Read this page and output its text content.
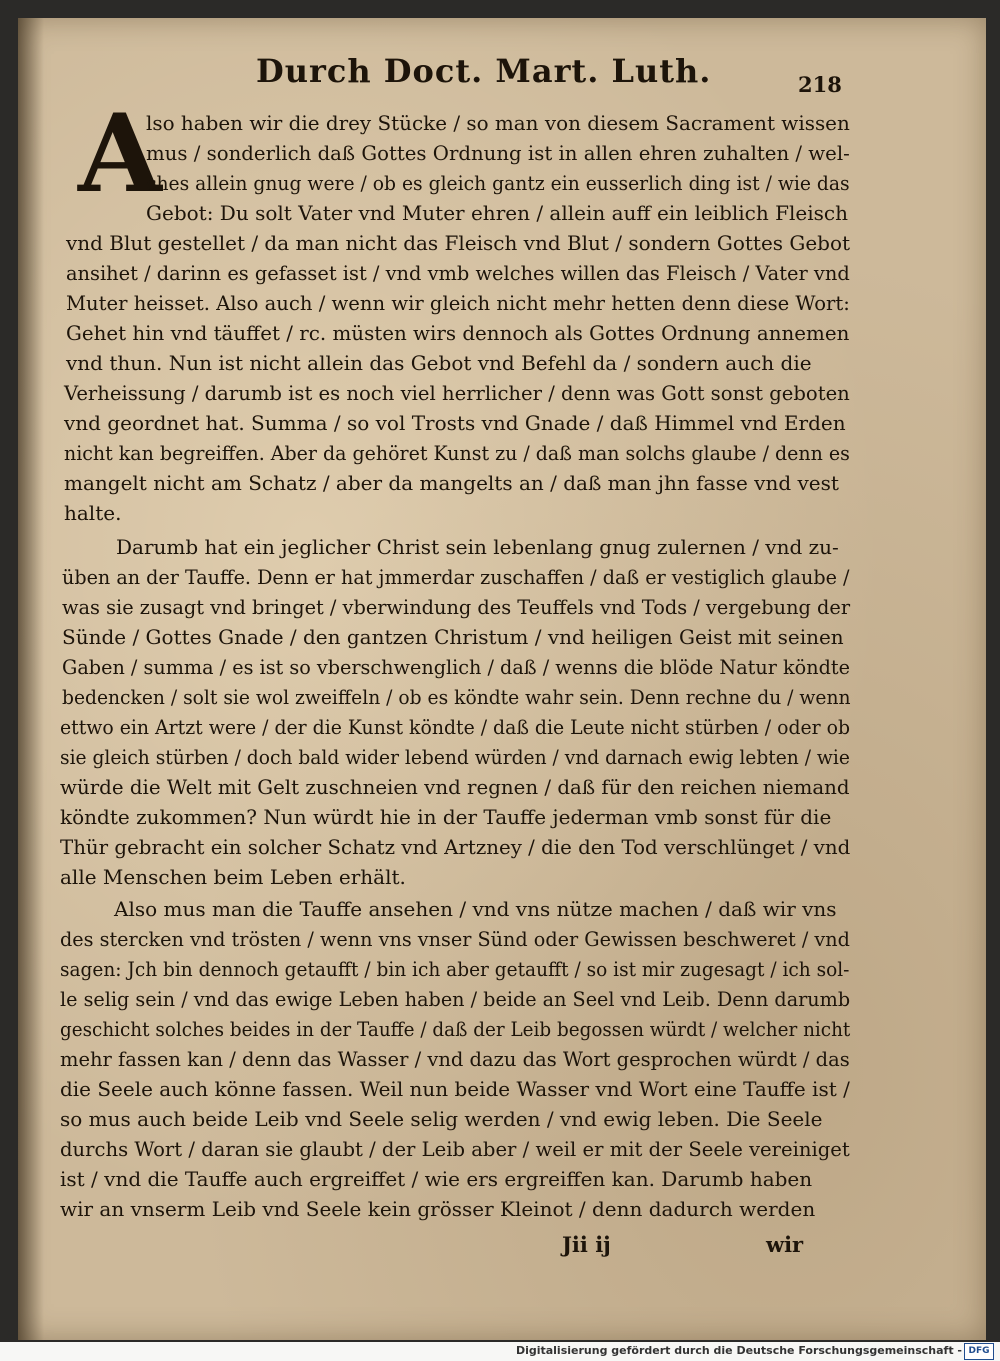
Durch Doct. Mart. Luth.	218
A
lso haben wir die drey Stücke / so man von diesem Sacrament wissen
mus / sonderlich daß Gottes Ordnung ist in allen ehren zuhalten / wel-
ches allein gnug were / ob es gleich gantz ein eusserlich ding ist / wie das
Gebot: Du solt Vater vnd Muter ehren / allein auff ein leiblich Fleisch
vnd Blut gestellet / da man nicht das Fleisch vnd Blut / sondern Gottes Gebot
ansihet / darinn es gefasset ist / vnd vmb welches willen das Fleisch / Vater vnd
Muter heisset. Also auch / wenn wir gleich nicht mehr hetten denn diese Wort:
Gehet hin vnd täuffet / rc. müsten wirs dennoch als Gottes Ordnung annemen
vnd thun. Nun ist nicht allein das Gebot vnd Befehl da / sondern auch die
Verheissung / darumb ist es noch viel herrlicher / denn was Gott sonst geboten
vnd geordnet hat. Summa / so vol Trosts vnd Gnade / daß Himmel vnd Erden
nicht kan begreiffen. Aber da gehöret Kunst zu / daß man solchs glaube / denn es
mangelt nicht am Schatz / aber da mangelts an / daß man jhn fasse vnd vest
halte.
Darumb hat ein jeglicher Christ sein lebenlang gnug zulernen / vnd zu-
üben an der Tauffe. Denn er hat jmmerdar zuschaffen / daß er vestiglich glaube /
was sie zusagt vnd bringet / vberwindung des Teuffels vnd Tods / vergebung der
Sünde / Gottes Gnade / den gantzen Christum / vnd heiligen Geist mit seinen
Gaben / summa / es ist so vberschwenglich / daß / wenns die blöde Natur köndte
bedencken / solt sie wol zweiffeln / ob es köndte wahr sein. Denn rechne du / wenn
ettwo ein Artzt were / der die Kunst köndte / daß die Leute nicht stürben / oder ob
sie gleich stürben / doch bald wider lebend würden / vnd darnach ewig lebten / wie
würde die Welt mit Gelt zuschneien vnd regnen / daß für den reichen niemand
köndte zukommen? Nun würdt hie in der Tauffe jederman vmb sonst für die
Thür gebracht ein solcher Schatz vnd Artzney / die den Tod verschlünget / vnd
alle Menschen beim Leben erhält.
Also mus man die Tauffe ansehen / vnd vns nütze machen / daß wir vns
des stercken vnd trösten / wenn vns vnser Sünd oder Gewissen beschweret / vnd
sagen: Jch bin dennoch getaufft / bin ich aber getaufft / so ist mir zugesagt / ich sol-
le selig sein / vnd das ewige Leben haben / beide an Seel vnd Leib. Denn darumb
geschicht solches beides in der Tauffe / daß der Leib begossen würdt / welcher nicht
mehr fassen kan / denn das Wasser / vnd dazu das Wort gesprochen würdt / das
die Seele auch könne fassen. Weil nun beide Wasser vnd Wort eine Tauffe ist /
so mus auch beide Leib vnd Seele selig werden / vnd ewig leben. Die Seele
durchs Wort / daran sie glaubt / der Leib aber / weil er mit der Seele vereiniget
ist / vnd die Tauffe auch ergreiffet / wie ers ergreiffen kan. Darumb haben
wir an vnserm Leib vnd Seele kein grösser Kleinot / denn dadurch werden
Jii ij	wir
Digitalisierung gefördert durch die Deutsche Forschungsgemeinschaft - DFG
